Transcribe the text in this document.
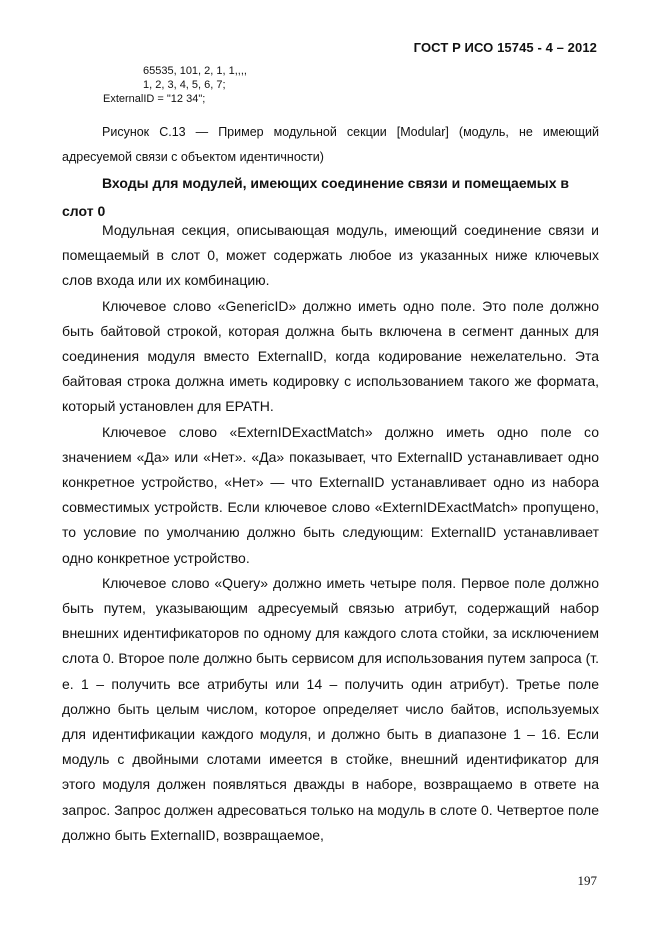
ГОСТ Р ИСО 15745 - 4 – 2012
65535, 101, 2, 1, 1,,,,
1, 2, 3, 4, 5, 6, 7;
ExternalID = "12 34";
Рисунок С.13 — Пример модульной секции [Modular] (модуль, не имеющий адресуемой связи с объектом идентичности)
Входы для модулей, имеющих соединение связи и помещаемых в слот 0

Модульная секция, описывающая модуль, имеющий соединение связи и помещаемый в слот 0, может содержать любое из указанных ниже ключевых слов входа или их комбинацию.

Ключевое слово «GenericID» должно иметь одно поле. Это поле должно быть байтовой строкой, которая должна быть включена в сегмент данных для соединения модуля вместо ExternalID, когда кодирование нежелательно. Эта байтовая строка должна иметь кодировку с использованием такого же формата, который установлен для EPATH.

Ключевое слово «ExternIDExactMatch» должно иметь одно поле со значением «Да» или «Нет». «Да» показывает, что ExternalID устанавливает одно конкретное устройство, «Нет» — что ExternalID устанавливает одно из набора совместимых устройств. Если ключевое слово «ExternIDExactMatch» пропущено, то условие по умолчанию должно быть следующим: ExternalID устанавливает одно конкретное устройство.

Ключевое слово «Query» должно иметь четыре поля. Первое поле должно быть путем, указывающим адресуемый связью атрибут, содержащий набор внешних идентификаторов по одному для каждого слота стойки, за исключением слота 0. Второе поле должно быть сервисом для использования путем запроса (т. е. 1 – получить все атрибуты или 14 – получить один атрибут). Третье поле должно быть целым числом, которое определяет число байтов, используемых для идентификации каждого модуля, и должно быть в диапазоне 1 – 16. Если модуль с двойными слотами имеется в стойке, внешний идентификатор для этого модуля должен появляться дважды в наборе, возвращаемо в ответе на запрос. Запрос должен адресоваться только на модуль в слоте 0. Четвертое поле должно быть ExternalID, возвращаемое,

197
